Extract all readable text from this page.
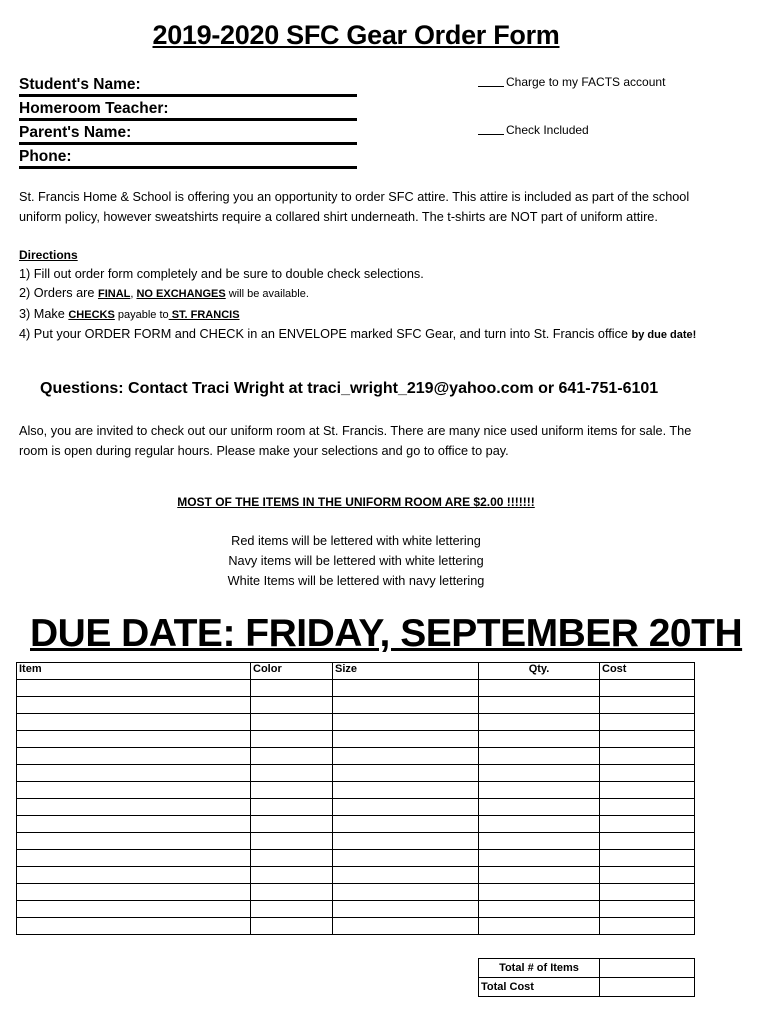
2019-2020 SFC Gear Order Form
Student's Name:
Homeroom Teacher:
Parent's Name:
Phone:
Charge to my FACTS account
Check Included
St. Francis Home & School is offering you an opportunity to order SFC attire. This attire is included as part of the school uniform policy, however sweatshirts require a collared shirt underneath. The t-shirts are NOT part of uniform attire.
Directions
1) Fill out order form completely and be sure to double check selections.
2) Orders are FINAL, NO EXCHANGES will be available.
3) Make CHECKS payable to ST. FRANCIS
4) Put your ORDER FORM and CHECK in an ENVELOPE marked SFC Gear, and turn into St. Francis office by due date!
Questions: Contact Traci Wright at traci_wright_219@yahoo.com or 641-751-6101
Also, you are invited to check out our uniform room at St. Francis. There are many nice used uniform items for sale. The room is open during regular hours. Please make your selections and go to office to pay.
MOST OF THE ITEMS IN THE UNIFORM ROOM ARE $2.00 !!!!!!!
Red items will be lettered with white lettering
Navy items will be lettered with white lettering
White Items will be lettered with navy lettering
DUE DATE: FRIDAY, SEPTEMBER 20TH
Item	Color	Size	Qty.	Cost

Total # of Items	
Total Cost	
